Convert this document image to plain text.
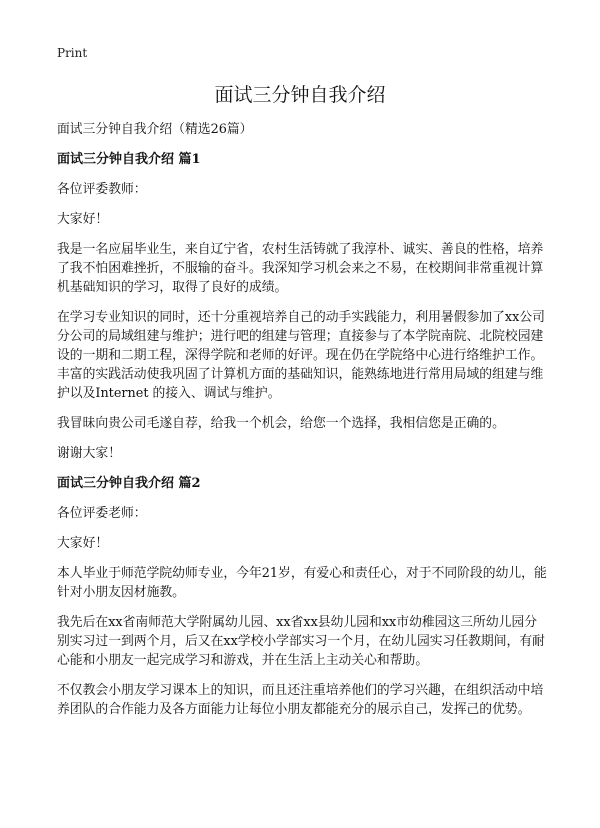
Print
面试三分钟自我介绍

面试三分钟自我介绍（精选26篇）

面试三分钟自我介绍 篇1

各位评委教师：

大家好！

我是一名应届毕业生，来自辽宁省，农村生活铸就了我淳朴、诚实、善良的性格，培养了我不怕困难挫折，不服输的奋斗。我深知学习机会来之不易，在校期间非常重视计算机基础知识的学习，取得了良好的成绩。

在学习专业知识的同时，还十分重视培养自己的动手实践能力，利用暑假参加了xx公司分公司的局域组建与维护；进行吧的组建与管理；直接参与了本学院南院、北院校园建设的一期和二期工程，深得学院和老师的好评。现在仍在学院络中心进行络维护工作。丰富的实践活动使我巩固了计算机方面的基础知识，能熟练地进行常用局域的组建与维护以及Internet 的接入、调试与维护。

我冒昧向贵公司毛遂自荐，给我一个机会，给您一个选择，我相信您是正确的。

谢谢大家！

面试三分钟自我介绍 篇2

各位评委老师：

大家好！

本人毕业于师范学院幼师专业，今年21岁，有爱心和责任心，对于不同阶段的幼儿，能针对小朋友因材施教。

我先后在xx省南师范大学附属幼儿园、xx省xx县幼儿园和xx市幼稚园这三所幼儿园分别实习过一到两个月，后又在xx学校小学部实习一个月，在幼儿园实习任教期间，有耐心能和小朋友一起完成学习和游戏，并在生活上主动关心和帮助。

不仅教会小朋友学习课本上的知识，而且还注重培养他们的学习兴趣，在组织活动中培养团队的合作能力及各方面能力让每位小朋友都能充分的展示自己，发挥己的优势。
